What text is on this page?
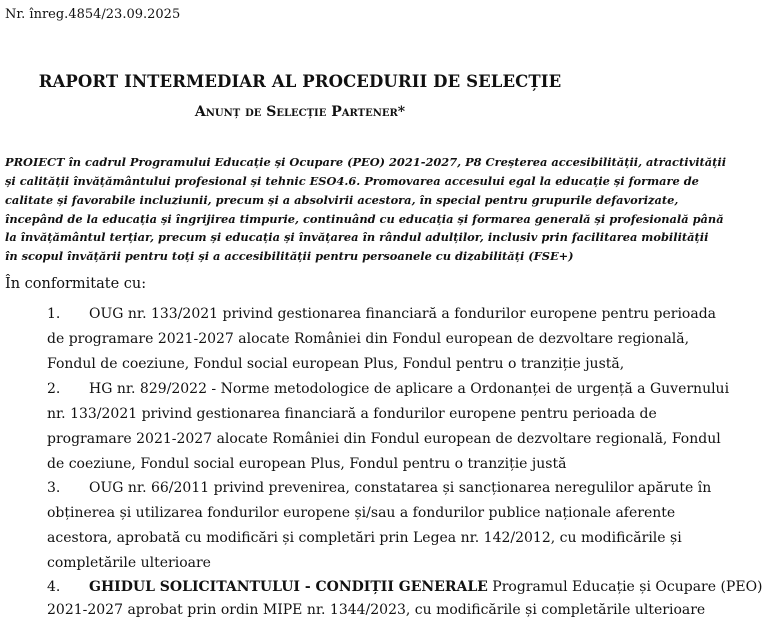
Nr. înreg.4854/23.09.2025
RAPORT INTERMEDIAR AL PROCEDURII DE SELECȚIE
Anunț de Selecție Partener*
PROIECT în cadrul Programului Educație și Ocupare (PEO) 2021-2027, P8 Creșterea accesibilității, atractivității
și calității învățământului profesional și tehnic ESO4.6. Promovarea accesului egal la educație și formare de
calitate și favorabile incluziunii, precum și a absolvirii acestora, în special pentru grupurile defavorizate,
începând de la educația și îngrijirea timpurie, continuând cu educația și formarea generală și profesională până
la învățământul terțiar, precum și educația și învățarea în rândul adulților, inclusiv prin facilitarea mobilității
în scopul învățării pentru toți și a accesibilității pentru persoanele cu dizabilități (FSE+)
În conformitate cu:
1. OUG nr. 133/2021 privind gestionarea financiară a fondurilor europene pentru perioada
de programare 2021-2027 alocate României din Fondul european de dezvoltare regională,
Fondul de coeziune, Fondul social european Plus, Fondul pentru o tranziție justă,
2. HG nr. 829/2022 - Norme metodologice de aplicare a Ordonanței de urgență a Guvernului
nr. 133/2021 privind gestionarea financiară a fondurilor europene pentru perioada de
programare 2021-2027 alocate României din Fondul european de dezvoltare regională, Fondul
de coeziune, Fondul social european Plus, Fondul pentru o tranziție justă
3. OUG nr. 66/2011 privind prevenirea, constatarea și sancționarea neregulilor apărute în
obținerea și utilizarea fondurilor europene și/sau a fondurilor publice naționale aferente
acestora, aprobată cu modificări și completări prin Legea nr. 142/2012, cu modificările și
completările ulterioare
4. GHIDUL SOLICITANTULUI - CONDIȚII GENERALE Programul Educație și Ocupare (PEO)
2021-2027 aprobat prin ordin MIPE nr. 1344/2023, cu modificările și completările ulterioare
